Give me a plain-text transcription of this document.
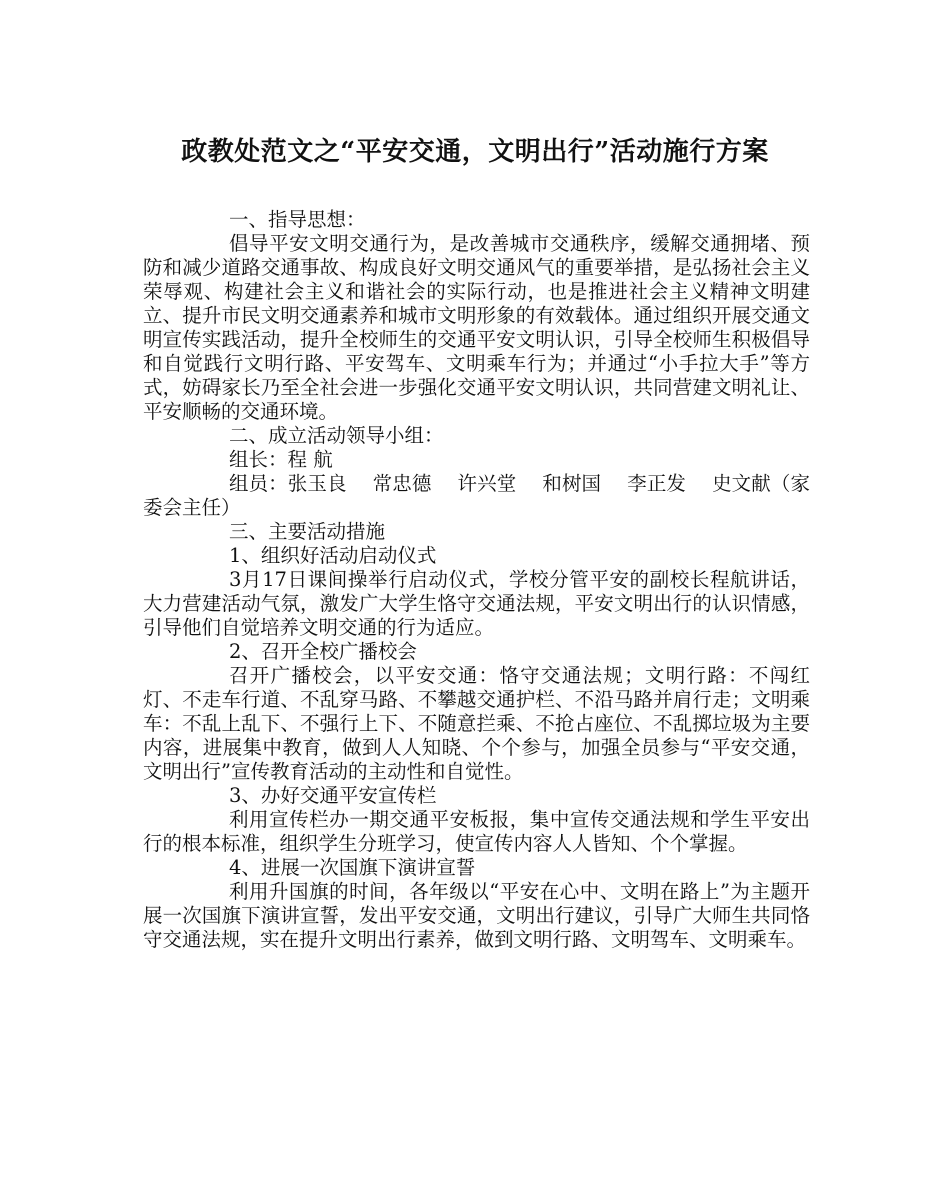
政教处范文之“平安交通，文明出行”活动施行方案

一、指导思想：

倡导平安文明交通行为，是改善城市交通秩序，缓解交通拥堵、预防和减少道路交通事故、构成良好文明交通风气的重要举措，是弘扬社会主义荣辱观、构建社会主义和谐社会的实际行动，也是推进社会主义精神文明建立、提升市民文明交通素养和城市文明形象的有效载体。通过组织开展交通文明宣传实践活动，提升全校师生的交通平安文明认识，引导全校师生积极倡导和自觉践行文明行路、平安驾车、文明乘车行为；并通过“小手拉大手”等方式，妨碍家长乃至全社会进一步强化交通平安文明认识，共同营建文明礼让、平安顺畅的交通环境。

二、成立活动领导小组：

组长：程 航

组员：张玉良 常忠德 许兴堂 和树国 李正发 史文献（家委会主任）

三、主要活动措施

1、组织好活动启动仪式

3月17日课间操举行启动仪式，学校分管平安的副校长程航讲话，大力营建活动气氛，激发广大学生恪守交通法规，平安文明出行的认识情感，引导他们自觉培养文明交通的行为适应。

2、召开全校广播校会

召开广播校会，以平安交通：恪守交通法规；文明行路：不闯红灯、不走车行道、不乱穿马路、不攀越交通护栏、不沿马路并肩行走；文明乘车：不乱上乱下、不强行上下、不随意拦乘、不抢占座位、不乱掷垃圾为主要内容，进展集中教育，做到人人知晓、个个参与，加强全员参与“平安交通，文明出行”宣传教育活动的主动性和自觉性。

3、办好交通平安宣传栏

利用宣传栏办一期交通平安板报，集中宣传交通法规和学生平安出行的根本标准，组织学生分班学习，使宣传内容人人皆知、个个掌握。

4、进展一次国旗下演讲宣誓

利用升国旗的时间，各年级以“平安在心中、文明在路上”为主题开展一次国旗下演讲宣誓，发出平安交通，文明出行建议，引导广大师生共同恪守交通法规，实在提升文明出行素养，做到文明行路、文明驾车、文明乘车。
